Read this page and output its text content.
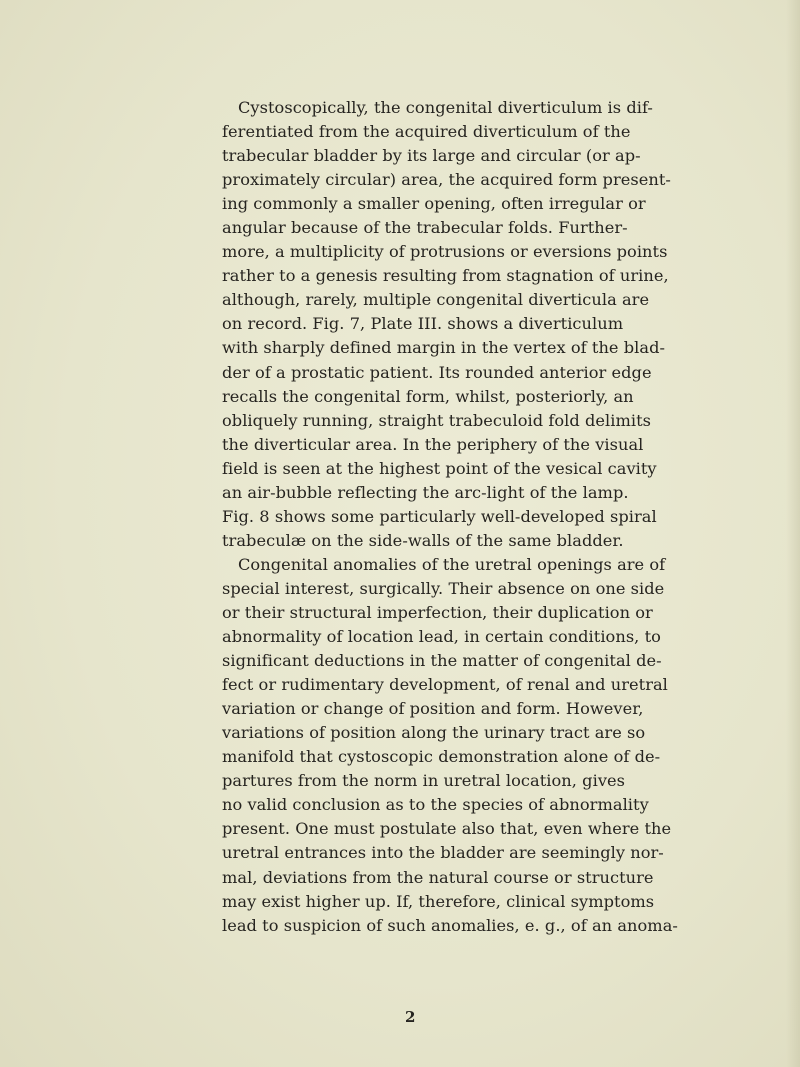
Cystoscopically, the congenital diverticulum is dif-
ferentiated from the acquired diverticulum of the
trabecular bladder by its large and circular (or ap-
proximately circular) area, the acquired form present-
ing commonly a smaller opening, often irregular or
angular because of the trabecular folds. Further-
more, a multiplicity of protrusions or eversions points
rather to a genesis resulting from stagnation of urine,
although, rarely, multiple congenital diverticula are
on record. Fig. 7, Plate III. shows a diverticulum
with sharply defined margin in the vertex of the blad-
der of a prostatic patient. Its rounded anterior edge
recalls the congenital form, whilst, posteriorly, an
obliquely running, straight trabeculoid fold delimits
the diverticular area. In the periphery of the visual
field is seen at the highest point of the vesical cavity
an air-bubble reflecting the arc-light of the lamp.
Fig. 8 shows some particularly well-developed spiral
trabeculæ on the side-walls of the same bladder.
Congenital anomalies of the uretral openings are of
special interest, surgically. Their absence on one side
or their structural imperfection, their duplication or
abnormality of location lead, in certain conditions, to
significant deductions in the matter of congenital de-
fect or rudimentary development, of renal and uretral
variation or change of position and form. However,
variations of position along the urinary tract are so
manifold that cystoscopic demonstration alone of de-
partures from the norm in uretral location, gives
no valid conclusion as to the species of abnormality
present. One must postulate also that, even where the
uretral entrances into the bladder are seemingly nor-
mal, deviations from the natural course or structure
may exist higher up. If, therefore, clinical symptoms
lead to suspicion of such anomalies, e. g., of an anoma-
2
